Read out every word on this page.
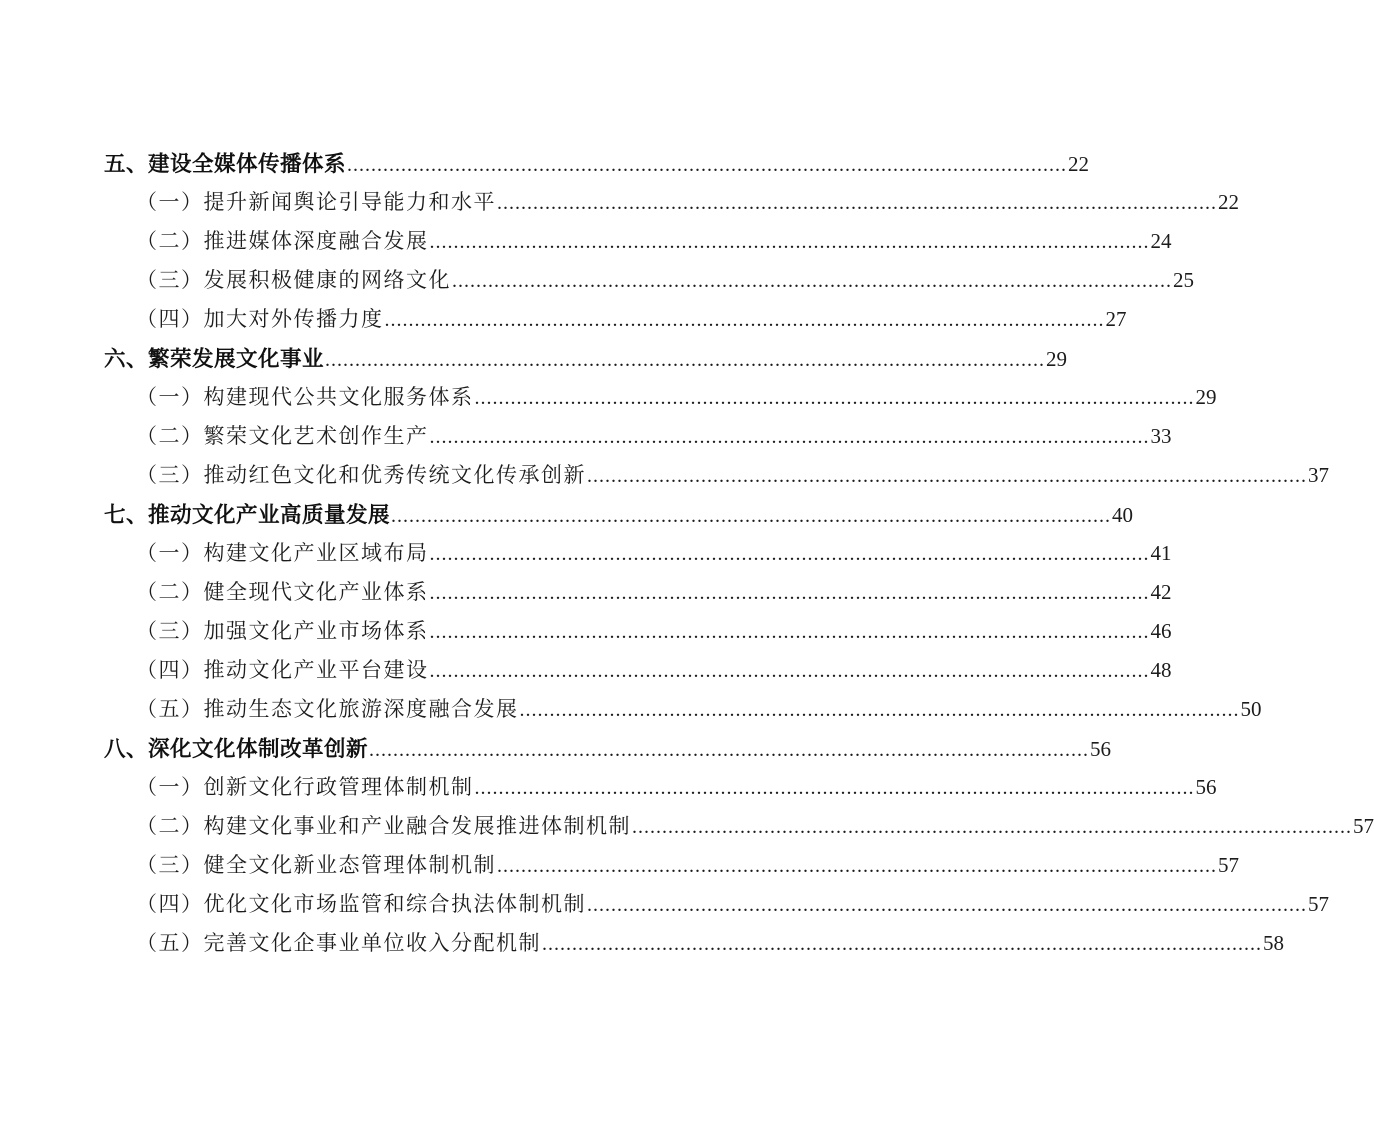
五、建设全媒体传播体系 ........................................................................................................................ 22
（一）提升新闻舆论引导能力和水平 ........................................................................................................................ 22
（二）推进媒体深度融合发展 ........................................................................................................................ 24
（三）发展积极健康的网络文化 ........................................................................................................................ 25
（四）加大对外传播力度 ........................................................................................................................ 27
六、繁荣发展文化事业 ........................................................................................................................ 29
（一）构建现代公共文化服务体系 ........................................................................................................................ 29
（二）繁荣文化艺术创作生产 ........................................................................................................................ 33
（三）推动红色文化和优秀传统文化传承创新 ........................................................................................................................ 37
七、推动文化产业高质量发展 ........................................................................................................................ 40
（一）构建文化产业区域布局 ........................................................................................................................ 41
（二）健全现代文化产业体系 ........................................................................................................................ 42
（三）加强文化产业市场体系 ........................................................................................................................ 46
（四）推动文化产业平台建设 ........................................................................................................................ 48
（五）推动生态文化旅游深度融合发展 ........................................................................................................................ 50
八、深化文化体制改革创新 ........................................................................................................................ 56
（一）创新文化行政管理体制机制 ........................................................................................................................ 56
（二）构建文化事业和产业融合发展推进体制机制 ........................................................................................................................ 57
（三）健全文化新业态管理体制机制 ........................................................................................................................ 57
（四）优化文化市场监管和综合执法体制机制 ........................................................................................................................ 57
（五）完善文化企事业单位收入分配机制 ........................................................................................................................ 58
